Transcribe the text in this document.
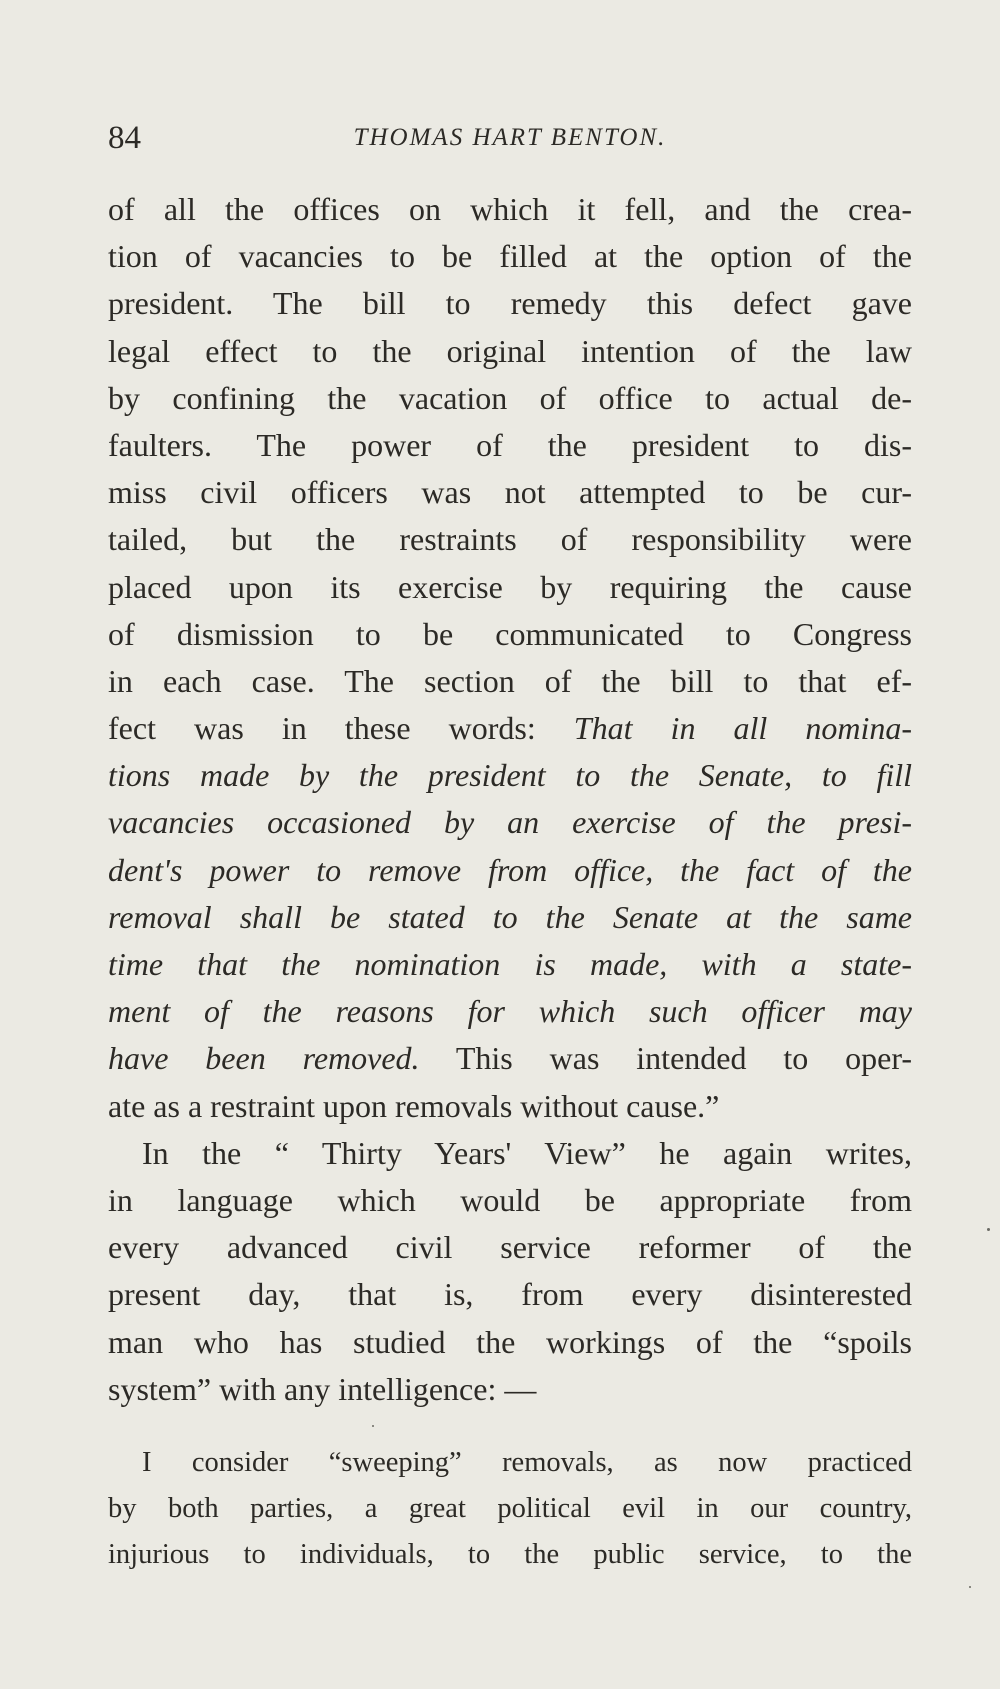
84	THOMAS HART BENTON.
of all the offices on which it fell, and the crea-
tion of vacancies to be filled at the option of the
president. The bill to remedy this defect gave
legal effect to the original intention of the law
by confining the vacation of office to actual de-
faulters. The power of the president to dis-
miss civil officers was not attempted to be cur-
tailed, but the restraints of responsibility were
placed upon its exercise by requiring the cause
of dismission to be communicated to Congress
in each case. The section of the bill to that ef-
fect was in these words: That in all nomina-
tions made by the president to the Senate, to fill
vacancies occasioned by an exercise of the presi-
dent's power to remove from office, the fact of the
removal shall be stated to the Senate at the same
time that the nomination is made, with a state-
ment of the reasons for which such officer may
have been removed. This was intended to oper-
ate as a restraint upon removals without cause.”
In the “ Thirty Years' View” he again writes,
in language which would be appropriate from
every advanced civil service reformer of the
present day, that is, from every disinterested
man who has studied the workings of the “spoils
system” with any intelligence: —
I consider “sweeping” removals, as now practiced
by both parties, a great political evil in our country,
injurious to individuals, to the public service, to the
